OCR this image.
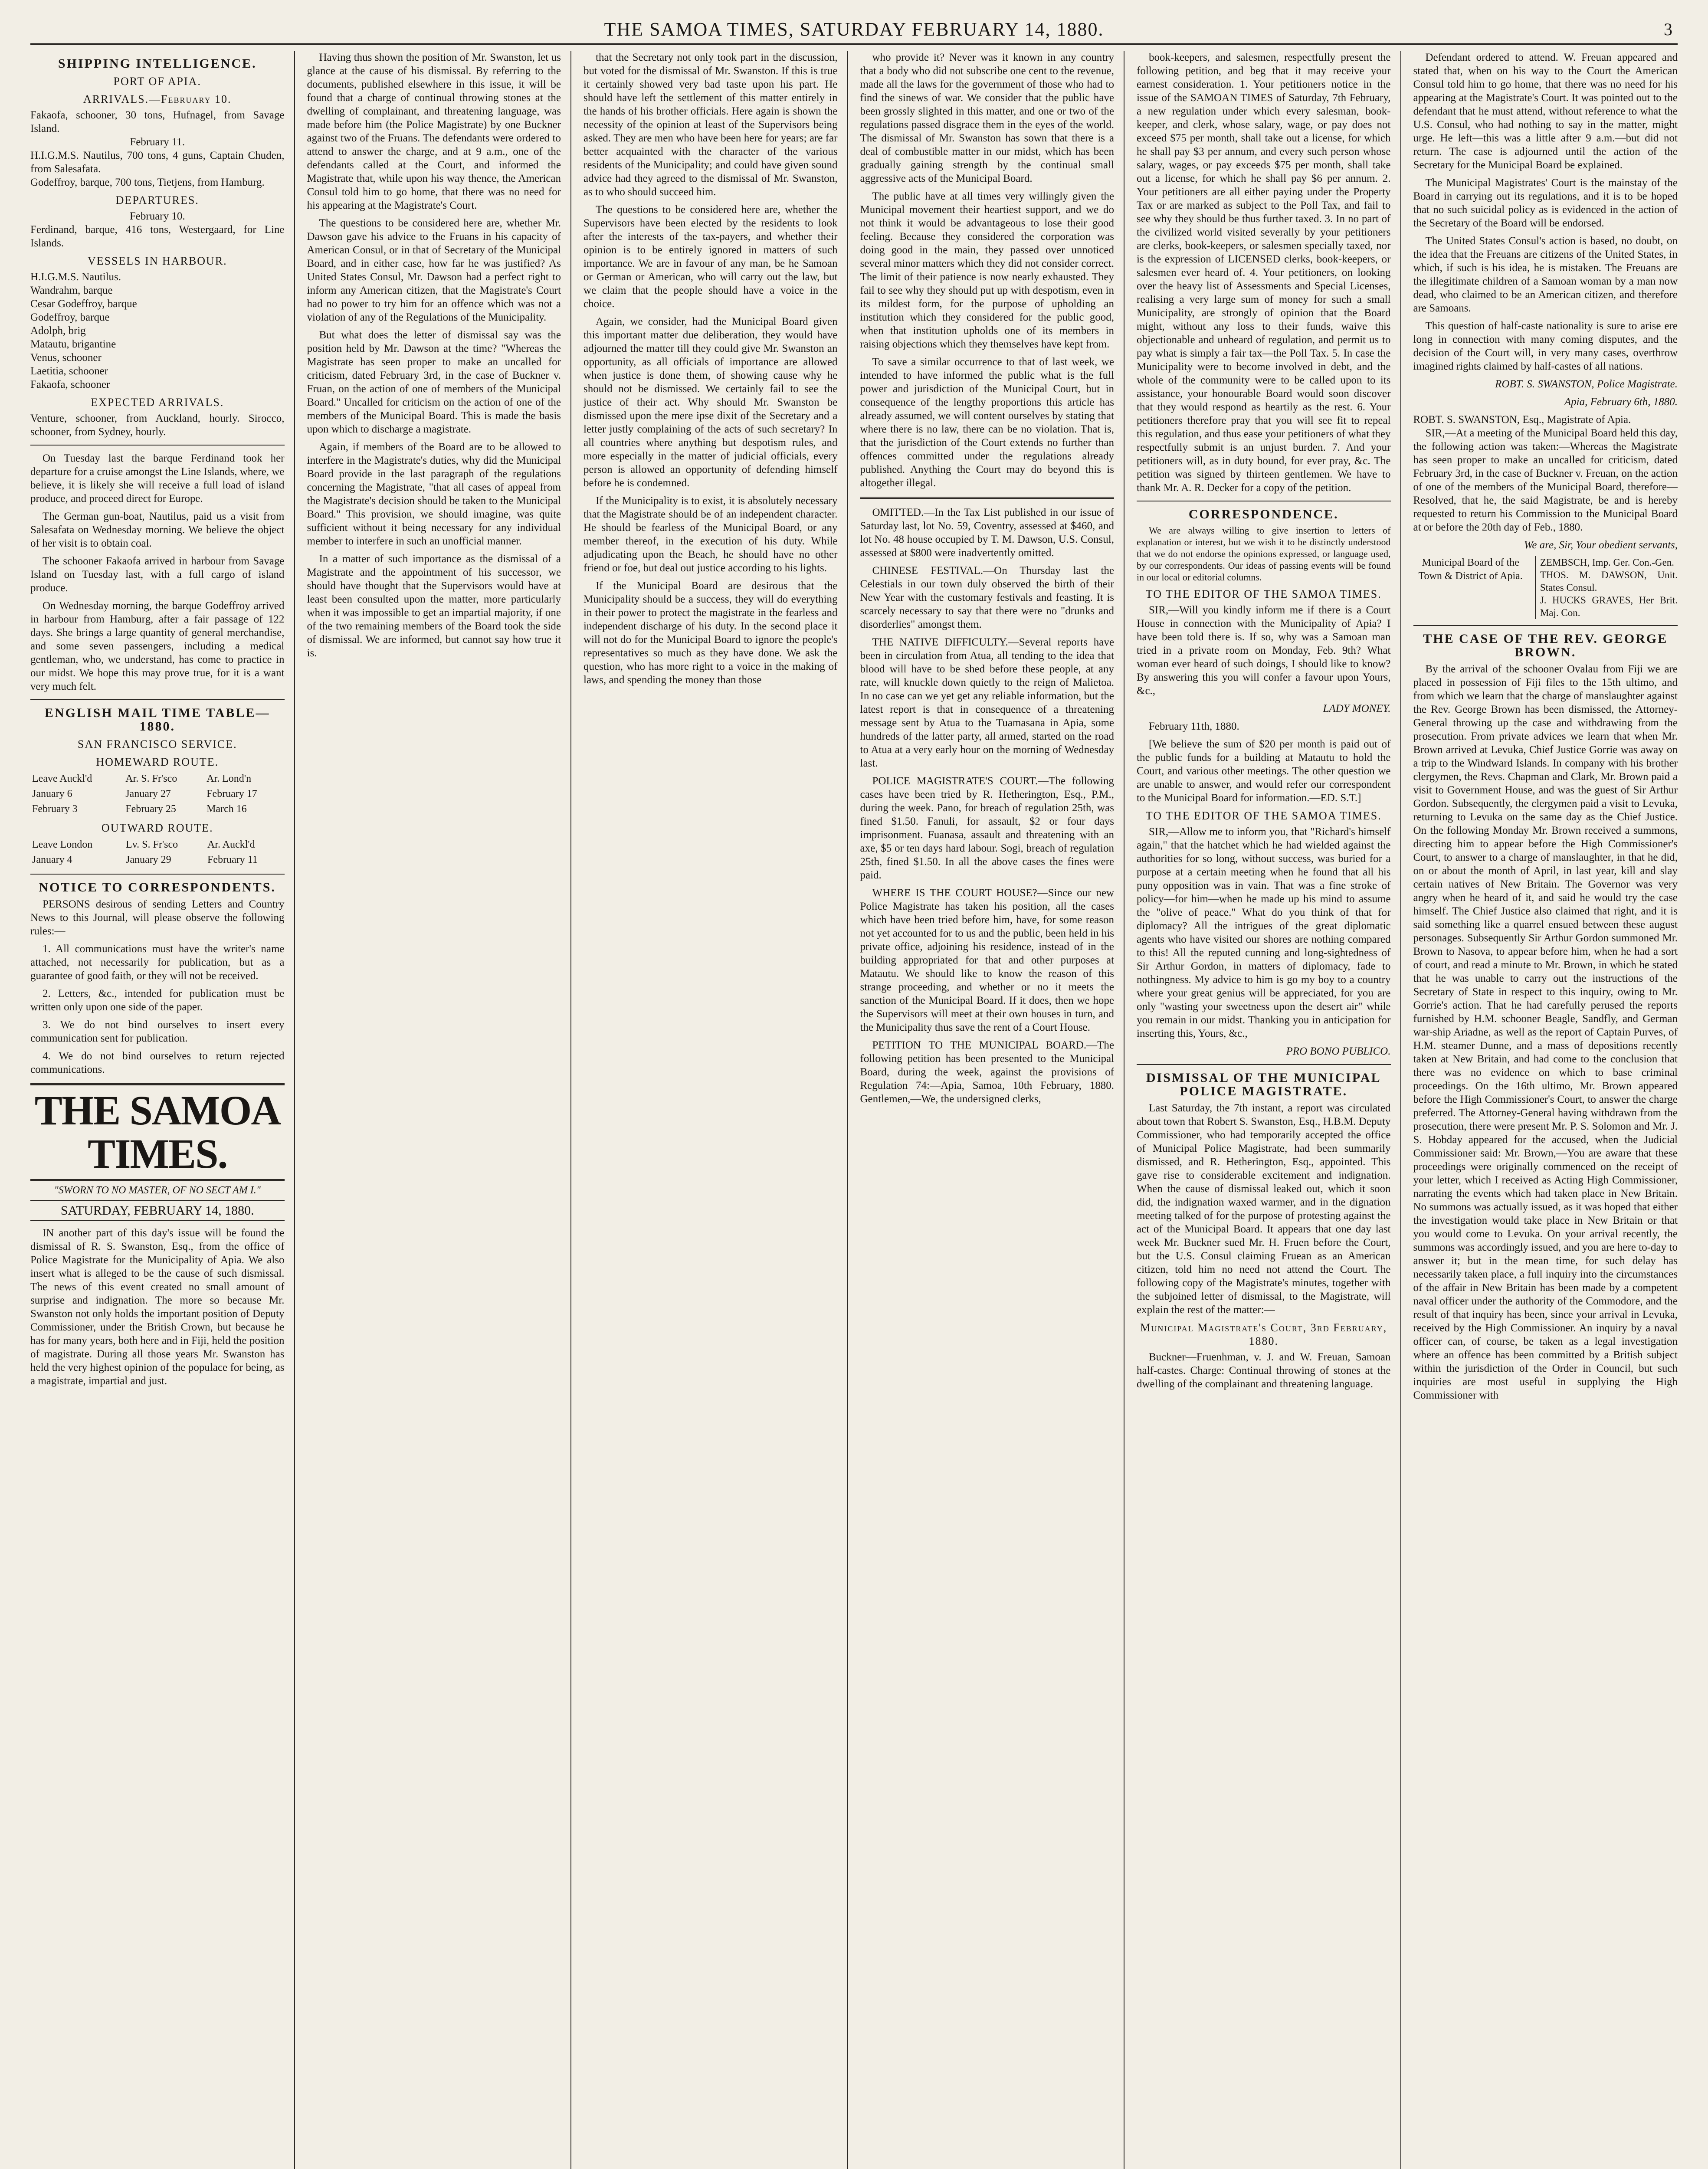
THE SAMOA TIMES, SATURDAY FEBRUARY 14, 1880.	3
SHIPPING INTELLIGENCE.
PORT OF APIA.
ARRIVALS.—February 10.

Fakaofa, schooner, 30 tons, Hufnagel, from Savage Island.

February 11.

H.I.G.M.S. Nautilus, 700 tons, 4 guns, Captain Chuden, from Salesafata.

Godeffroy, barque, 700 tons, Tietjens, from Hamburg.

DEPARTURES.

February 10.

Ferdinand, barque, 416 tons, Westergaard, for Line Islands.

VESSELS IN HARBOUR.

H.I.G.M.S. Nautilus.

Wandrahm, barque

Cesar Godeffroy, barque

Godeffroy, barque

Adolph, brig

Matautu, brigantine

Venus, schooner

Laetitia, schooner

Fakaofa, schooner

EXPECTED ARRIVALS.

Venture, schooner, from Auckland, hourly. Sirocco, schooner, from Sydney, hourly.

On Tuesday last the barque Ferdinand took her departure for a cruise amongst the Line Islands, where, we believe, it is likely she will receive a full load of island produce, and proceed direct for Europe.

The German gun-boat, Nautilus, paid us a visit from Salesafata on Wednesday morning. We believe the object of her visit is to obtain coal.

The schooner Fakaofa arrived in harbour from Savage Island on Tuesday last, with a full cargo of island produce.

On Wednesday morning, the barque Godeffroy arrived in harbour from Hamburg, after a fair passage of 122 days. She brings a large quantity of general merchandise, and some seven passengers, including a medical gentleman, who, we understand, has come to practice in our midst. We hope this may prove true, for it is a want very much felt.

ENGLISH MAIL TIME TABLE—1880.
SAN FRANCISCO SERVICE.
HOMEWARD ROUTE.
Leave Auckl'd	Ar. S. Fr'sco	Ar. Lond'n
January 6	January 27	February 17
February 3	February 25	March 16
OUTWARD ROUTE.
Leave London	Lv. S. Fr'sco	Ar. Auckl'd
January 4	January 29	February 11
NOTICE TO CORRESPONDENTS.

PERSONS desirous of sending Letters and Country News to this Journal, will please observe the following rules:—

1. All communications must have the writer's name attached, not necessarily for publication, but as a guarantee of good faith, or they will not be received.

2. Letters, &c., intended for publication must be written only upon one side of the paper.

3. We do not bind ourselves to insert every communication sent for publication.

4. We do not bind ourselves to return rejected communications.

THE SAMOA TIMES.
"SWORN TO NO MASTER, OF NO SECT AM I."
SATURDAY, FEBRUARY 14, 1880.

IN another part of this day's issue will be found the dismissal of R. S. Swanston, Esq., from the office of Police Magistrate for the Municipality of Apia. We also insert what is alleged to be the cause of such dismissal. The news of this event created no small amount of surprise and indignation. The more so because Mr. Swanston not only holds the important position of Deputy Commissioner, under the British Crown, but because he has for many years, both here and in Fiji, held the position of magistrate. During all those years Mr. Swanston has held the very highest opinion of the populace for being, as a magistrate, impartial and just.

Having thus shown the position of Mr. Swanston, let us glance at the cause of his dismissal. By referring to the documents, published elsewhere in this issue, it will be found that a charge of continual throwing stones at the dwelling of complainant, and threatening language, was made before him (the Police Magistrate) by one Buckner against two of the Fruans. The defendants were ordered to attend to answer the charge, and at 9 a.m., one of the defendants called at the Court, and informed the Magistrate that, while upon his way thence, the American Consul told him to go home, that there was no need for his appearing at the Magistrate's Court.

The questions to be considered here are, whether Mr. Dawson gave his advice to the Fruans in his capacity of American Consul, or in that of Secretary of the Municipal Board, and in either case, how far he was justified? As United States Consul, Mr. Dawson had a perfect right to inform any American citizen, that the Magistrate's Court had no power to try him for an offence which was not a violation of any of the Regulations of the Municipality.

But what does the letter of dismissal say was the position held by Mr. Dawson at the time? "Whereas the Magistrate has seen proper to make an uncalled for criticism, dated February 3rd, in the case of Buckner v. Fruan, on the action of one of members of the Municipal Board." Uncalled for criticism on the action of one of the members of the Municipal Board. This is made the basis upon which to discharge a magistrate.

Again, if members of the Board are to be allowed to interfere in the Magistrate's duties, why did the Municipal Board provide in the last paragraph of the regulations concerning the Magistrate, "that all cases of appeal from the Magistrate's decision should be taken to the Municipal Board." This provision, we should imagine, was quite sufficient without it being necessary for any individual member to interfere in such an unofficial manner.

In a matter of such importance as the dismissal of a Magistrate and the appointment of his successor, we should have thought that the Supervisors would have at least been consulted upon the matter, more particularly when it was impossible to get an impartial majority, if one of the two remaining members of the Board took the side of dismissal. We are informed, but cannot say how true it is.

that the Secretary not only took part in the discussion, but voted for the dismissal of Mr. Swanston. If this is true it certainly showed very bad taste upon his part. He should have left the settlement of this matter entirely in the hands of his brother officials. Here again is shown the necessity of the opinion at least of the Supervisors being asked. They are men who have been here for years; are far better acquainted with the character of the various residents of the Municipality; and could have given sound advice had they agreed to the dismissal of Mr. Swanston, as to who should succeed him.

The questions to be considered here are, whether the Supervisors have been elected by the residents to look after the interests of the tax-payers, and whether their opinion is to be entirely ignored in matters of such importance. We are in favour of any man, be he Samoan or German or American, who will carry out the law, but we claim that the people should have a voice in the choice.

Again, we consider, had the Municipal Board given this important matter due deliberation, they would have adjourned the matter till they could give Mr. Swanston an opportunity, as all officials of importance are allowed when justice is done them, of showing cause why he should not be dismissed. We certainly fail to see the justice of their act. Why should Mr. Swanston be dismissed upon the mere ipse dixit of the Secretary and a letter justly complaining of the acts of such secretary? In all countries where anything but despotism rules, and more especially in the matter of judicial officials, every person is allowed an opportunity of defending himself before he is condemned.

If the Municipality is to exist, it is absolutely necessary that the Magistrate should be of an independent character. He should be fearless of the Municipal Board, or any member thereof, in the execution of his duty. While adjudicating upon the Beach, he should have no other friend or foe, but deal out justice according to his lights.

If the Municipal Board are desirous that the Municipality should be a success, they will do everything in their power to protect the magistrate in the fearless and independent discharge of his duty. In the second place it will not do for the Municipal Board to ignore the people's representatives so much as they have done. We ask the question, who has more right to a voice in the making of laws, and spending the money than those

who provide it? Never was it known in any country that a body who did not subscribe one cent to the revenue, made all the laws for the government of those who had to find the sinews of war. We consider that the public have been grossly slighted in this matter, and one or two of the regulations passed disgrace them in the eyes of the world. The dismissal of Mr. Swanston has sown that there is a deal of combustible matter in our midst, which has been gradually gaining strength by the continual small aggressive acts of the Municipal Board.

The public have at all times very willingly given the Municipal movement their heartiest support, and we do not think it would be advantageous to lose their good feeling. Because they considered the corporation was doing good in the main, they passed over unnoticed several minor matters which they did not consider correct. The limit of their patience is now nearly exhausted. They fail to see why they should put up with despotism, even in its mildest form, for the purpose of upholding an institution which they considered for the public good, when that institution upholds one of its members in raising objections which they themselves have kept from.

To save a similar occurrence to that of last week, we intended to have informed the public what is the full power and jurisdiction of the Municipal Court, but in consequence of the lengthy proportions this article has already assumed, we will content ourselves by stating that where there is no law, there can be no violation. That is, that the jurisdiction of the Court extends no further than offences committed under the regulations already published. Anything the Court may do beyond this is altogether illegal.

OMITTED.—In the Tax List published in our issue of Saturday last, lot No. 59, Coventry, assessed at $460, and lot No. 48 house occupied by T. M. Dawson, U.S. Consul, assessed at $800 were inadvertently omitted.

CHINESE FESTIVAL.—On Thursday last the Celestials in our town duly observed the birth of their New Year with the customary festivals and feasting. It is scarcely necessary to say that there were no "drunks and disorderlies" amongst them.

THE NATIVE DIFFICULTY.—Several reports have been in circulation from Atua, all tending to the idea that blood will have to be shed before these people, at any rate, will knuckle down quietly to the reign of Malietoa. In no case can we yet get any reliable information, but the latest report is that in consequence of a threatening message sent by Atua to the Tuamasana in Apia, some hundreds of the latter party, all armed, started on the road to Atua at a very early hour on the morning of Wednesday last.

POLICE MAGISTRATE'S COURT.—The following cases have been tried by R. Hetherington, Esq., P.M., during the week. Pano, for breach of regulation 25th, was fined $1.50. Fanuli, for assault, $2 or four days imprisonment. Fuanasa, assault and threatening with an axe, $5 or ten days hard labour. Sogi, breach of regulation 25th, fined $1.50. In all the above cases the fines were paid.

WHERE IS THE COURT HOUSE?—Since our new Police Magistrate has taken his position, all the cases which have been tried before him, have, for some reason not yet accounted for to us and the public, been held in his private office, adjoining his residence, instead of in the building appropriated for that and other purposes at Matautu. We should like to know the reason of this strange proceeding, and whether or no it meets the sanction of the Municipal Board. If it does, then we hope the Supervisors will meet at their own houses in turn, and the Municipality thus save the rent of a Court House.

PETITION TO THE MUNICIPAL BOARD.—The following petition has been presented to the Municipal Board, during the week, against the provisions of Regulation 74:—Apia, Samoa, 10th February, 1880. Gentlemen,—We, the undersigned clerks,

book-keepers, and salesmen, respectfully present the following petition, and beg that it may receive your earnest consideration. 1. Your petitioners notice in the issue of the SAMOAN TIMES of Saturday, 7th February, a new regulation under which every salesman, book-keeper, and clerk, whose salary, wage, or pay does not exceed $75 per month, shall take out a license, for which he shall pay $3 per annum, and every such person whose salary, wages, or pay exceeds $75 per month, shall take out a license, for which he shall pay $6 per annum. 2. Your petitioners are all either paying under the Property Tax or are marked as subject to the Poll Tax, and fail to see why they should be thus further taxed. 3. In no part of the civilized world visited severally by your petitioners are clerks, book-keepers, or salesmen specially taxed, nor is the expression of LICENSED clerks, book-keepers, or salesmen ever heard of. 4. Your petitioners, on looking over the heavy list of Assessments and Special Licenses, realising a very large sum of money for such a small Municipality, are strongly of opinion that the Board might, without any loss to their funds, waive this objectionable and unheard of regulation, and permit us to pay what is simply a fair tax—the Poll Tax. 5. In case the Municipality were to become involved in debt, and the whole of the community were to be called upon to its assistance, your honourable Board would soon discover that they would respond as heartily as the rest. 6. Your petitioners therefore pray that you will see fit to repeal this regulation, and thus ease your petitioners of what they respectfully submit is an unjust burden. 7. And your petitioners will, as in duty bound, for ever pray, &c. The petition was signed by thirteen gentlemen. We have to thank Mr. A. R. Decker for a copy of the petition.

CORRESPONDENCE.

We are always willing to give insertion to letters of explanation or interest, but we wish it to be distinctly understood that we do not endorse the opinions expressed, or language used, by our correspondents. Our ideas of passing events will be found in our local or editorial columns.

TO THE EDITOR OF THE SAMOA TIMES.

SIR,—Will you kindly inform me if there is a Court House in connection with the Municipality of Apia? I have been told there is. If so, why was a Samoan man tried in a private room on Monday, Feb. 9th? What woman ever heard of such doings, I should like to know? By answering this you will confer a favour upon Yours, &c.,

LADY MONEY.

February 11th, 1880.

[We believe the sum of $20 per month is paid out of the public funds for a building at Matautu to hold the Court, and various other meetings. The other question we are unable to answer, and would refer our correspondent to the Municipal Board for information.—ED. S.T.]

TO THE EDITOR OF THE SAMOA TIMES.

SIR,—Allow me to inform you, that "Richard's himself again," that the hatchet which he had wielded against the authorities for so long, without success, was buried for a purpose at a certain meeting when he found that all his puny opposition was in vain. That was a fine stroke of policy—for him—when he made up his mind to assume the "olive of peace." What do you think of that for diplomacy? All the intrigues of the great diplomatic agents who have visited our shores are nothing compared to this! All the reputed cunning and long-sightedness of Sir Arthur Gordon, in matters of diplomacy, fade to nothingness. My advice to him is go my boy to a country where your great genius will be appreciated, for you are only "wasting your sweetness upon the desert air" while you remain in our midst. Thanking you in anticipation for inserting this, Yours, &c.,

PRO BONO PUBLICO.
DISMISSAL OF THE MUNICIPAL POLICE MAGISTRATE.

Last Saturday, the 7th instant, a report was circulated about town that Robert S. Swanston, Esq., H.B.M. Deputy Commissioner, who had temporarily accepted the office of Municipal Police Magistrate, had been summarily dismissed, and R. Hetherington, Esq., appointed. This gave rise to considerable excitement and indignation. When the cause of dismissal leaked out, which it soon did, the indignation waxed warmer, and in the dignation meeting talked of for the purpose of protesting against the act of the Municipal Board. It appears that one day last week Mr. Buckner sued Mr. H. Fruen before the Court, but the U.S. Consul claiming Fruean as an American citizen, told him no need not attend the Court. The following copy of the Magistrate's minutes, together with the subjoined letter of dismissal, to the Magistrate, will explain the rest of the matter:—

Municipal Magistrate's Court, 3rd February, 1880.

Buckner—Fruenhman, v. J. and W. Freuan, Samoan half-castes. Charge: Continual throwing of stones at the dwelling of the complainant and threatening language.

Defendant ordered to attend. W. Freuan appeared and stated that, when on his way to the Court the American Consul told him to go home, that there was no need for his appearing at the Magistrate's Court. It was pointed out to the defendant that he must attend, without reference to what the U.S. Consul, who had nothing to say in the matter, might urge. He left—this was a little after 9 a.m.—but did not return. The case is adjourned until the action of the Secretary for the Municipal Board be explained.

The Municipal Magistrates' Court is the mainstay of the Board in carrying out its regulations, and it is to be hoped that no such suicidal policy as is evidenced in the action of the Secretary of the Board will be endorsed.

The United States Consul's action is based, no doubt, on the idea that the Freuans are citizens of the United States, in which, if such is his idea, he is mistaken. The Freuans are the illegitimate children of a Samoan woman by a man now dead, who claimed to be an American citizen, and therefore are Samoans.

This question of half-caste nationality is sure to arise ere long in connection with many coming disputes, and the decision of the Court will, in very many cases, overthrow imagined rights claimed by half-castes of all nations.

ROBT. S. SWANSTON, Police Magistrate.
Apia, February 6th, 1880.

ROBT. S. SWANSTON, Esq., Magistrate of Apia.

SIR,—At a meeting of the Municipal Board held this day, the following action was taken:—Whereas the Magistrate has seen proper to make an uncalled for criticism, dated February 3rd, in the case of Buckner v. Freuan, on the action of one of the members of the Municipal Board, therefore— Resolved, that he, the said Magistrate, be and is hereby requested to return his Commission to the Municipal Board at or before the 20th day of Feb., 1880.

We are, Sir, Your obedient servants,
Municipal Board of the Town & District of Apia.
ZEMBSCH, Imp. Ger. Con.-Gen.
THOS. M. DAWSON, Unit. States Consul.
J. HUCKS GRAVES, Her Brit. Maj. Con.
THE CASE OF THE REV. GEORGE BROWN.

By the arrival of the schooner Ovalau from Fiji we are placed in possession of Fiji files to the 15th ultimo, and from which we learn that the charge of manslaughter against the Rev. George Brown has been dismissed, the Attorney-General throwing up the case and withdrawing from the prosecution. From private advices we learn that when Mr. Brown arrived at Levuka, Chief Justice Gorrie was away on a trip to the Windward Islands. In company with his brother clergymen, the Revs. Chapman and Clark, Mr. Brown paid a visit to Government House, and was the guest of Sir Arthur Gordon. Subsequently, the clergymen paid a visit to Levuka, returning to Levuka on the same day as the Chief Justice. On the following Monday Mr. Brown received a summons, directing him to appear before the High Commissioner's Court, to answer to a charge of manslaughter, in that he did, on or about the month of April, in last year, kill and slay certain natives of New Britain. The Governor was very angry when he heard of it, and said he would try the case himself. The Chief Justice also claimed that right, and it is said something like a quarrel ensued between these august personages. Subsequently Sir Arthur Gordon summoned Mr. Brown to Nasova, to appear before him, when he had a sort of court, and read a minute to Mr. Brown, in which he stated that he was unable to carry out the instructions of the Secretary of State in respect to this inquiry, owing to Mr. Gorrie's action. That he had carefully perused the reports furnished by H.M. schooner Beagle, Sandfly, and German war-ship Ariadne, as well as the report of Captain Purves, of H.M. steamer Dunne, and a mass of depositions recently taken at New Britain, and had come to the conclusion that there was no evidence on which to base criminal proceedings. On the 16th ultimo, Mr. Brown appeared before the High Commissioner's Court, to answer the charge preferred. The Attorney-General having withdrawn from the prosecution, there were present Mr. P. S. Solomon and Mr. J. S. Hobday appeared for the accused, when the Judicial Commissioner said: Mr. Brown,—You are aware that these proceedings were originally commenced on the receipt of your letter, which I received as Acting High Commissioner, narrating the events which had taken place in New Britain. No summons was actually issued, as it was hoped that either the investigation would take place in New Britain or that you would come to Levuka. On your arrival recently, the summons was accordingly issued, and you are here to-day to answer it; but in the mean time, for such delay has necessarily taken place, a full inquiry into the circumstances of the affair in New Britain has been made by a competent naval officer under the authority of the Commodore, and the result of that inquiry has been, since your arrival in Levuka, received by the High Commissioner. An inquiry by a naval officer can, of course, be taken as a legal investigation where an offence has been committed by a British subject within the jurisdiction of the Order in Council, but such inquiries are most useful in supplying the High Commissioner with
